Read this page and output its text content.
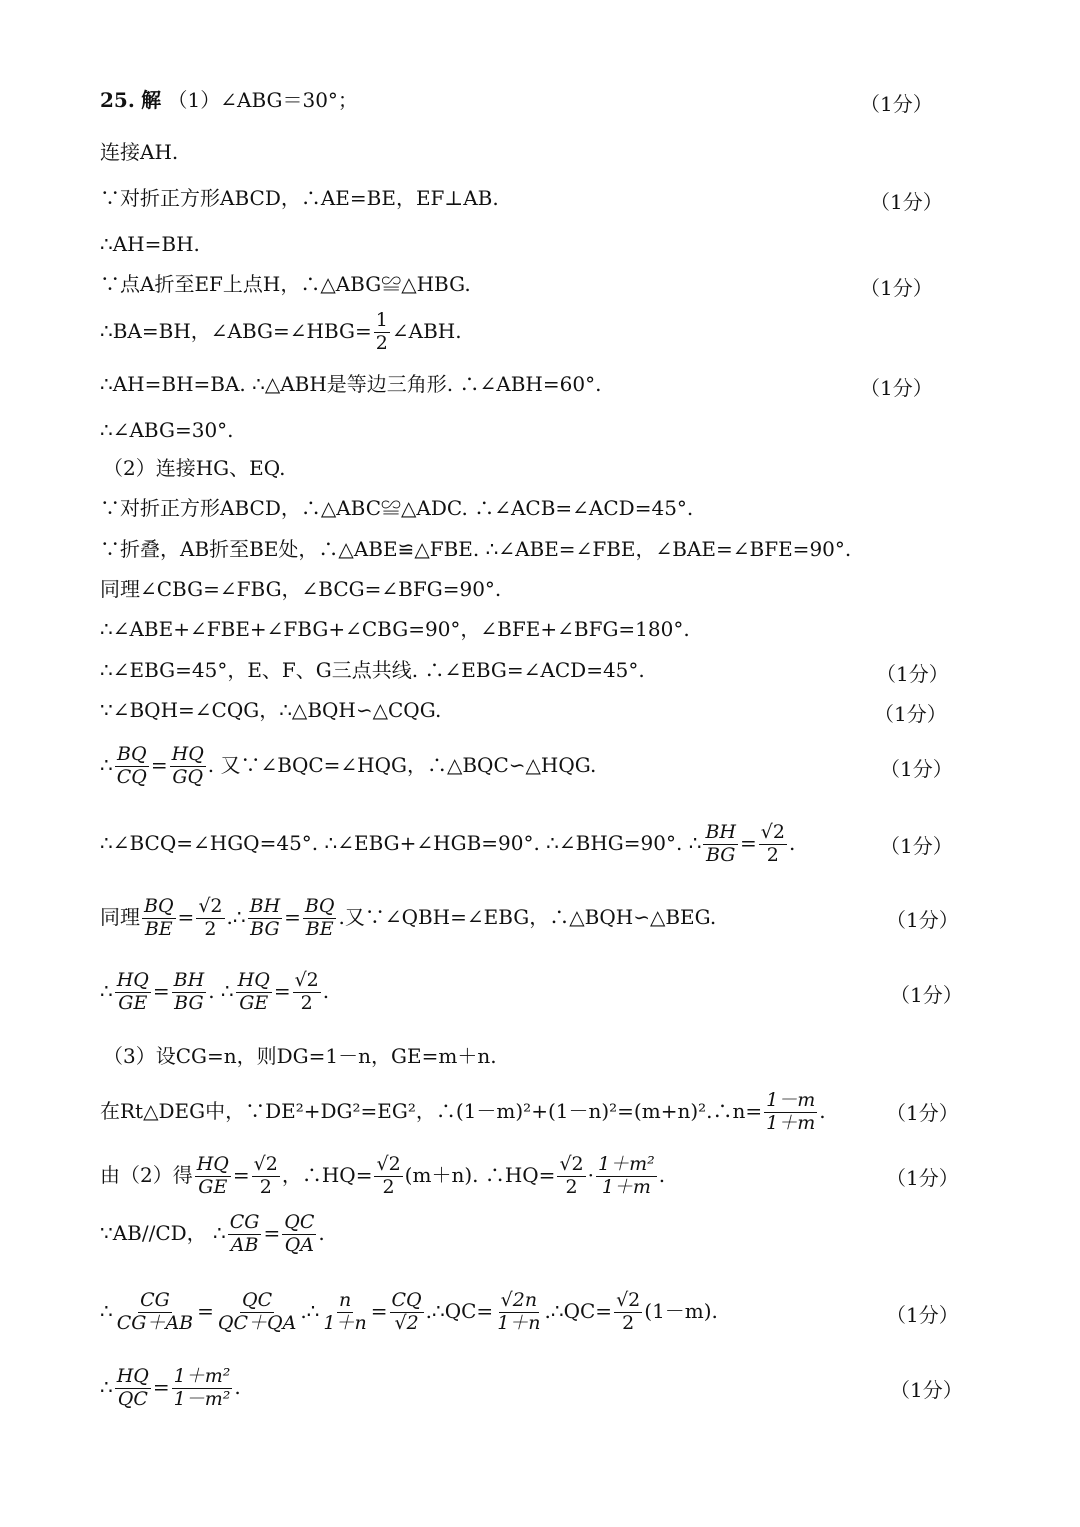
25. 解 （1）∠ABG＝30°；	（1分）
连接AH.
∵对折正方形ABCD，∴AE=BE，EF⊥AB.	（1分）
∴AH=BH.
∵点A折至EF上点H，∴△ABG≌△HBG.	（1分）
∴BA=BH，∠ABG=∠HBG= $\frac{1}{2}$ ∠ABH.
∴AH=BH=BA. ∴△ABH是等边三角形. ∴∠ABH=60°.	（1分）
∴∠ABG=30°.
（2）连接HG、EQ.
∵对折正方形ABCD，∴△ABC≌△ADC. ∴∠ACB=∠ACD=45°.
∵折叠，AB折至BE处，∴△ABE≌△FBE. ∴∠ABE=∠FBE，∠BAE=∠BFE=90°.
同理∠CBG=∠FBG，∠BCG=∠BFG=90°.
∴∠ABE+∠FBE+∠FBG+∠CBG=90°，∠BFE+∠BFG=180°.
∴∠EBG=45°，E、F、G三点共线. ∴∠EBG=∠ACD=45°.	（1分）
∵∠BQH=∠CQG，∴△BQH∽△CQG.	（1分）
∴ $\frac{BQ}{CQ} = \frac{HQ}{GQ}$ . 又∵∠BQC=∠HQG，∴△BQC∽△HQG.	（1分）
∴∠BCQ=∠HGQ=45°. ∴∠EBG+∠HGB=90°. ∴∠BHG=90°. ∴ $\frac{BH}{BG} = \frac{√2}{2}$ .	（1分）
同理 $\frac{BQ}{BE} = \frac{√2}{2}$ .∴ $\frac{BH}{BG} = \frac{BQ}{BE}$ .又∵∠QBH=∠EBG，∴△BQH∽△BEG.	（1分）
∴ $\frac{HQ}{GE} = \frac{BH}{BG}$ . ∴ $\frac{HQ}{GE} = \frac{√2}{2}$ .	（1分）
（3）设CG=n，则DG=1－n，GE=m＋n.
在Rt△DEG中，∵DE²+DG²=EG²，∴(1－m)²+(1－n)²=(m+n)².∴n= $\frac{1-m}{1+m}$ .	（1分）
由（2）得 $\frac{HQ}{GE} = \frac{√2}{2}$ ，∴HQ= $\frac{√2}{2} (m+n)$. ∴HQ= $\frac{√2}{2} \cdot \frac{\text{1＋m²}}{1+m}$ .	（1分）
∵AB//CD， ∴ $\frac{CG}{AB} = \frac{QC}{QA}$ .
∴ $\frac{CG}{CG+AB} = \frac{QC}{QC+QA}$ .∴ $\frac{n}{1+n} = \frac{CQ}{√2}$ .∴QC= $\frac{√2n}{1+n}$ .∴QC= $\frac{√2}{2} (1-m)$.	（1分）
∴ $\frac{HQ}{QC} = \frac{\text{1＋m²}}{\text{1－m²}}$ .	（1分）
